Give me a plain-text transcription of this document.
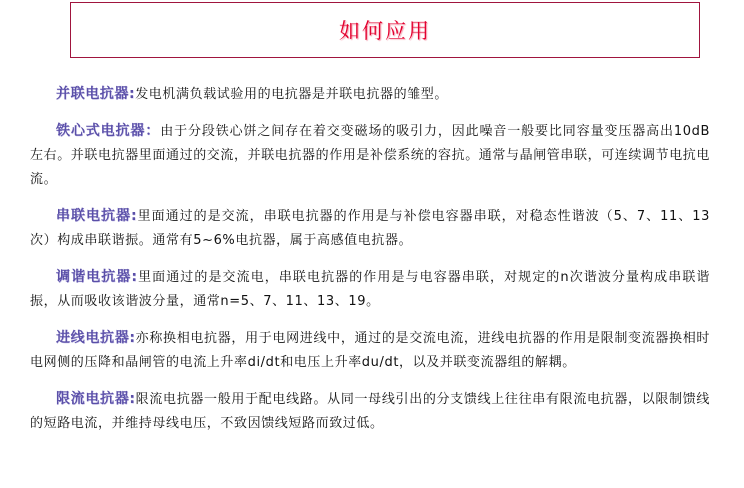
如何应用

并联电抗器:发电机满负载试验用的电抗器是并联电抗器的雏型。

铁心式电抗器：由于分段铁心饼之间存在着交变磁场的吸引力，因此噪音一般要比同容量变压器高出10dB左右。并联电抗器里面通过的交流，并联电抗器的作用是补偿系统的容抗。通常与晶闸管串联，可连续调节电抗电流。

串联电抗器:里面通过的是交流，串联电抗器的作用是与补偿电容器串联，对稳态性谐波（5、7、11、13次）构成串联谐振。通常有5~6%电抗器，属于高感值电抗器。

调谐电抗器:里面通过的是交流电，串联电抗器的作用是与电容器串联，对规定的n次谐波分量构成串联谐振，从而吸收该谐波分量，通常n=5、7、11、13、19。

进线电抗器:亦称换相电抗器，用于电网进线中，通过的是交流电流，进线电抗器的作用是限制变流器换相时电网侧的压降和晶闸管的电流上升率di/dt和电压上升率du/dt，以及并联变流器组的解耦。

限流电抗器:限流电抗器一般用于配电线路。从同一母线引出的分支馈线上往往串有限流电抗器，以限制馈线的短路电流，并维持母线电压，不致因馈线短路而致过低。
